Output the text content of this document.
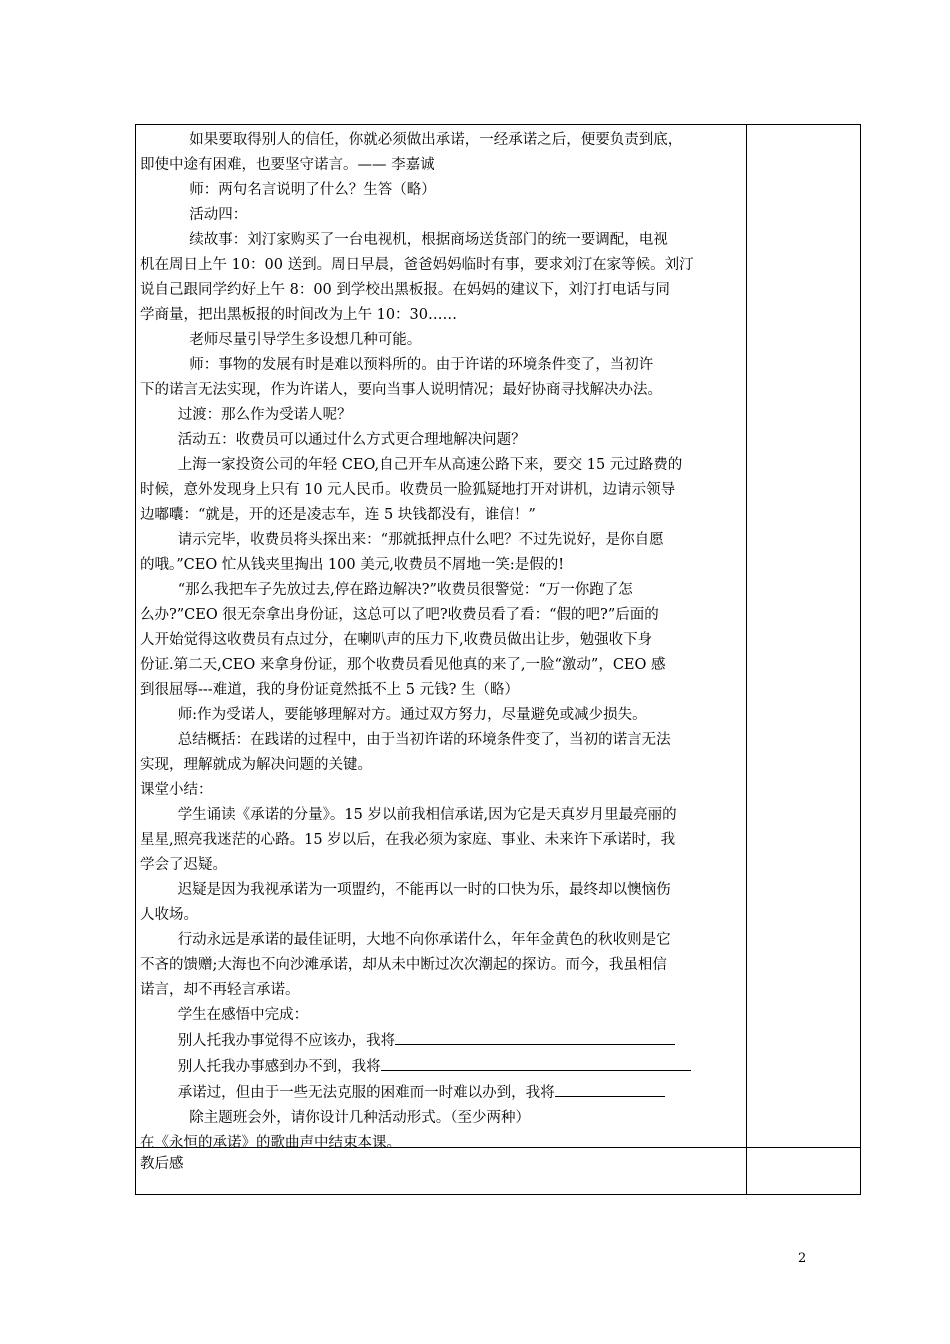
如果要取得别人的信任，你就必须做出承诺，一经承诺之后，便要负责到底，

即使中途有困难，也要坚守诺言。—— 李嘉诚

师：两句名言说明了什么？生答（略）

活动四：

续故事：刘汀家购买了一台电视机，根据商场送货部门的统一要调配，电视

机在周日上午 10：00 送到。周日早晨，爸爸妈妈临时有事，要求刘汀在家等候。刘汀

说自己跟同学约好上午 8：00 到学校出黑板报。在妈妈的建议下，刘汀打电话与同

学商量，把出黑板报的时间改为上午 10：30……

老师尽量引导学生多设想几种可能。

师：事物的发展有时是难以预料所的。由于许诺的环境条件变了，当初许

下的诺言无法实现，作为许诺人，要向当事人说明情况；最好协商寻找解决办法。

过渡：那么作为受诺人呢？

活动五：收费员可以通过什么方式更合理地解决问题？

上海一家投资公司的年轻 CEO,自己开车从高速公路下来，要交 15 元过路费的

时候，意外发现身上只有 10 元人民币。收费员一脸狐疑地打开对讲机，边请示领导

边嘟囔：“就是，开的还是凌志车，连 5 块钱都没有，谁信！”

请示完毕，收费员将头探出来：“那就抵押点什么吧？不过先说好，是你自愿

的哦。”CEO 忙从钱夹里掏出 100 美元,收费员不屑地一笑:是假的!

“那么我把车子先放过去,停在路边解决?”收费员很警觉：“万一你跑了怎

么办?”CEO 很无奈拿出身份证，这总可以了吧?收费员看了看：“假的吧?”后面的

人开始觉得这收费员有点过分，在喇叭声的压力下,收费员做出让步，勉强收下身

份证.第二天,CEO 来拿身份证，那个收费员看见他真的来了,一脸“激动”，CEO 感

到很屈辱---难道，我的身份证竟然抵不上 5 元钱? 生（略）

师:作为受诺人，要能够理解对方。通过双方努力，尽量避免或减少损失。

总结概括：在践诺的过程中，由于当初许诺的环境条件变了，当初的诺言无法

实现，理解就成为解决问题的关键。

课堂小结：

学生诵读《承诺的分量》。15 岁以前我相信承诺,因为它是天真岁月里最亮丽的

星星,照亮我迷茫的心路。15 岁以后，在我必须为家庭、事业、未来许下承诺时，我

学会了迟疑。

迟疑是因为我视承诺为一项盟约，不能再以一时的口快为乐，最终却以懊恼伤

人收场。

行动永远是承诺的最佳证明，大地不向你承诺什么，年年金黄色的秋收则是它

不吝的馈赠;大海也不向沙滩承诺，却从未中断过次次潮起的探访。而今，我虽相信

诺言，却不再轻言承诺。

学生在感悟中完成：

别人托我办事觉得不应该办，我将

别人托我办事感到办不到，我将

承诺过，但由于一些无法克服的困难而一时难以办到，我将

除主题班会外，请你设计几种活动形式。（至少两种）

在《永恒的承诺》的歌曲声中结束本课。

教后感
2
